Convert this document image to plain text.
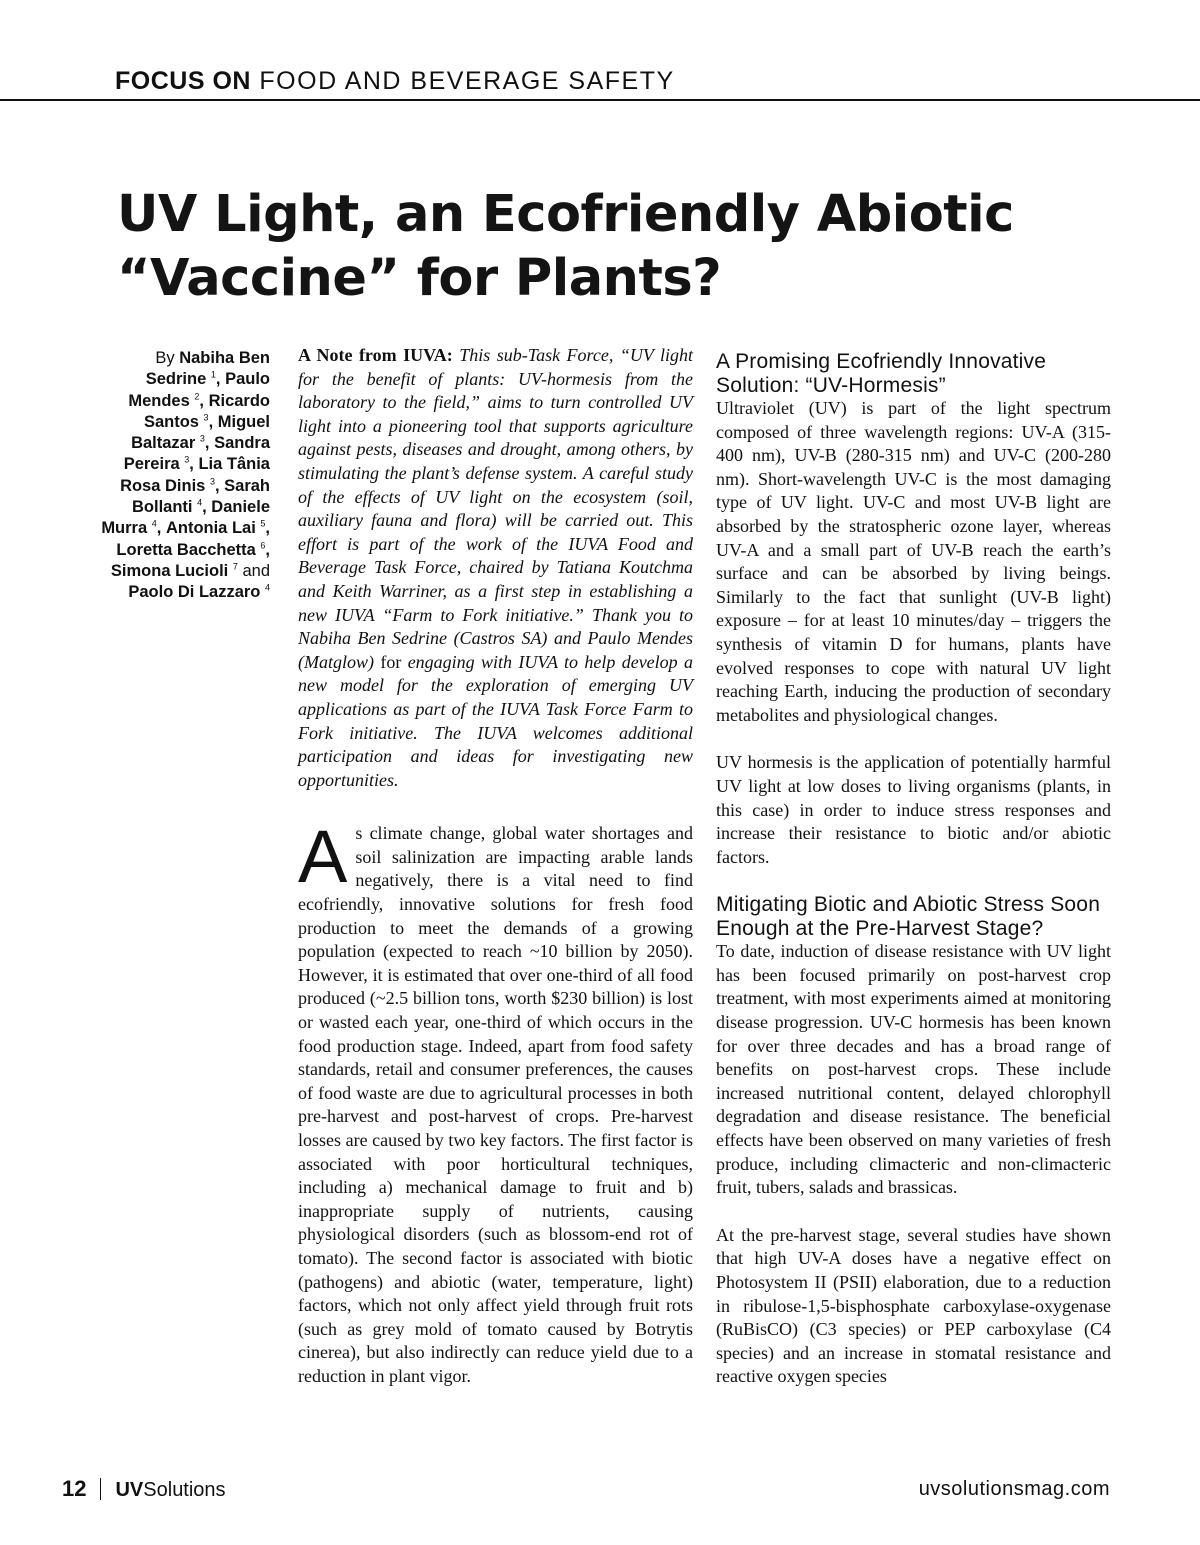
FOCUS ON FOOD AND BEVERAGE SAFETY
UV Light, an Ecofriendly Abiotic
“Vaccine” for Plants?
By Nabiha Ben Sedrine $^1$, Paulo Mendes $^2$, Ricardo Santos $^3$, Miguel Baltazar $^3$, Sandra Pereira $^3$, Lia Tânia Rosa Dinis $^3$, Sarah Bollanti $^4$, Daniele Murra $^4$, Antonia Lai $^5$, Loretta Bacchetta $^6$, Simona Lucioli $^7$ and Paolo Di Lazzaro $^4$

A Note from IUVA: This sub-Task Force, “UV light for the benefit of plants: UV-hormesis from the laboratory to the field,” aims to turn controlled UV light into a pioneering tool that supports agriculture against pests, diseases and drought, among others, by stimulating the plant’s defense system. A careful study of the effects of UV light on the ecosystem (soil, auxiliary fauna and flora) will be carried out. This effort is part of the work of the IUVA Food and Beverage Task Force, chaired by Tatiana Koutchma and Keith Warriner, as a first step in establishing a new IUVA “Farm to Fork initiative.” Thank you to Nabiha Ben Sedrine (Castros SA) and Paulo Mendes (Matglow) for engaging with IUVA to help develop a new model for the exploration of emerging UV applications as part of the IUVA Task Force Farm to Fork initiative. The IUVA welcomes additional participation and ideas for investigating new opportunities.

As climate change, global water shortages and soil salinization are impacting arable lands negatively, there is a vital need to find ecofriendly, innovative solutions for fresh food production to meet the demands of a growing population (expected to reach ~10 billion by 2050). However, it is estimated that over one-third of all food produced (~2.5 billion tons, worth $230 billion) is lost or wasted each year, one-third of which occurs in the food production stage. Indeed, apart from food safety standards, retail and consumer preferences, the causes of food waste are due to agricultural processes in both pre-harvest and post-harvest of crops. Pre-harvest losses are caused by two key factors. The first factor is associated with poor horticultural techniques, including a) mechanical damage to fruit and b) inappropriate supply of nutrients, causing physiological disorders (such as blossom-end rot of tomato). The second factor is associated with biotic (pathogens) and abiotic (water, temperature, light) factors, which not only affect yield through fruit rots (such as grey mold of tomato caused by Botrytis cinerea), but also indirectly can reduce yield due to a reduction in plant vigor.

A Promising Ecofriendly Innovative Solution: “UV-Hormesis”

Ultraviolet (UV) is part of the light spectrum composed of three wavelength regions: UV-A (315-400 nm), UV-B (280-315 nm) and UV-C (200-280 nm). Short-wavelength UV-C is the most damaging type of UV light. UV-C and most UV-B light are absorbed by the stratospheric ozone layer, whereas UV-A and a small part of UV-B reach the earth’s surface and can be absorbed by living beings. Similarly to the fact that sunlight (UV-B light) exposure – for at least 10 minutes/day – triggers the synthesis of vitamin D for humans, plants have evolved responses to cope with natural UV light reaching Earth, inducing the production of secondary metabolites and physiological changes.

UV hormesis is the application of potentially harmful UV light at low doses to living organisms (plants, in this case) in order to induce stress responses and increase their resistance to biotic and/or abiotic factors.

Mitigating Biotic and Abiotic Stress Soon Enough at the Pre-Harvest Stage?

To date, induction of disease resistance with UV light has been focused primarily on post-harvest crop treatment, with most experiments aimed at monitoring disease progression. UV-C hormesis has been known for over three decades and has a broad range of benefits on post-harvest crops. These include increased nutritional content, delayed chlorophyll degradation and disease resistance. The beneficial effects have been observed on many varieties of fresh produce, including climacteric and non-climacteric fruit, tubers, salads and brassicas.

At the pre-harvest stage, several studies have shown that high UV-A doses have a negative effect on Photosystem II (PSII) elaboration, due to a reduction in ribulose-1,5-bisphosphate carboxylase-oxygenase (RuBisCO) (C3 species) or PEP carboxylase (C4 species) and an increase in stomatal resistance and reactive oxygen species

12 UVSolutions	uvsolutionsmag.com
